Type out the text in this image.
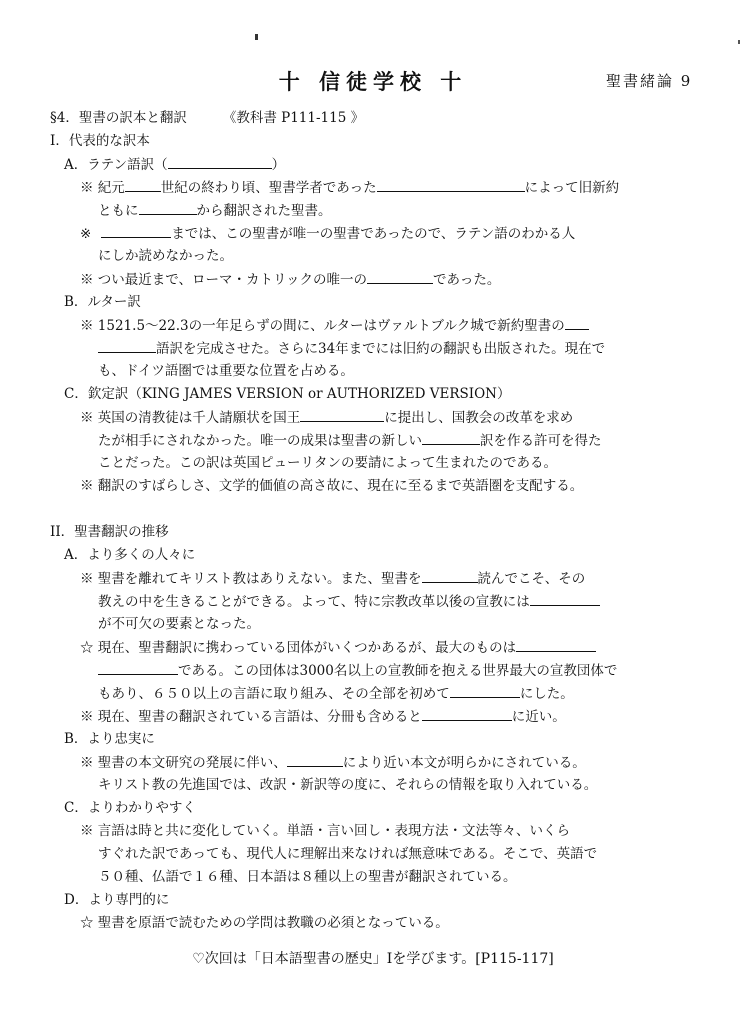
十 信徒学校 十	聖書緒論 9
§4．聖書の訳本と翻訳	《教科書 P111-115 》
I．代表的な訳本
A．ラテン語訳（	）
※ 紀元	世紀の終わり頃、聖書学者であった	によって旧新約
ともに	から翻訳された聖書。
※	までは、この聖書が唯一の聖書であったので、ラテン語のわかる人
にしか読めなかった。
※ つい最近まで、ローマ・カトリックの唯一の	であった。
B．ルター訳
※ 1521.5～22.3の一年足らずの間に、ルターはヴァルトブルク城で新約聖書の
語訳を完成させた。さらに34年までには旧約の翻訳も出版された。現在で
も、ドイツ語圏では重要な位置を占める。
C．欽定訳（KING JAMES VERSION or AUTHORIZED VERSION）
※ 英国の清教徒は千人請願状を国王	に提出し、国教会の改革を求め
たが相手にされなかった。唯一の成果は聖書の新しい	訳を作る許可を得た
ことだった。この訳は英国ピューリタンの要請によって生まれたのである。
※ 翻訳のすばらしさ、文学的価値の高さ故に、現在に至るまで英語圏を支配する。
II．聖書翻訳の推移
A．より多くの人々に
※ 聖書を離れてキリスト教はありえない。また、聖書を	読んでこそ、その
教えの中を生きることができる。よって、特に宗教改革以後の宣教には
が不可欠の要素となった。
☆ 現在、聖書翻訳に携わっている団体がいくつかあるが、最大のものは
である。この団体は3000名以上の宣教師を抱える世界最大の宣教団体で
もあり、６５０以上の言語に取り組み、その全部を初めて	にした。
※ 現在、聖書の翻訳されている言語は、分冊も含めると	に近い。
B．より忠実に
※ 聖書の本文研究の発展に伴い、	により近い本文が明らかにされている。
キリスト教の先進国では、改訳・新訳等の度に、それらの情報を取り入れている。
C．よりわかりやすく
※ 言語は時と共に変化していく。単語・言い回し・表現方法・文法等々、いくら
すぐれた訳であっても、現代人に理解出来なければ無意味である。そこで、英語で
５０種、仏語で１６種、日本語は８種以上の聖書が翻訳されている。
D．より専門的に
☆ 聖書を原語で読むための学問は教職の必須となっている。
♡次回は「日本語聖書の歴史」Iを学びます。[P115-117]
